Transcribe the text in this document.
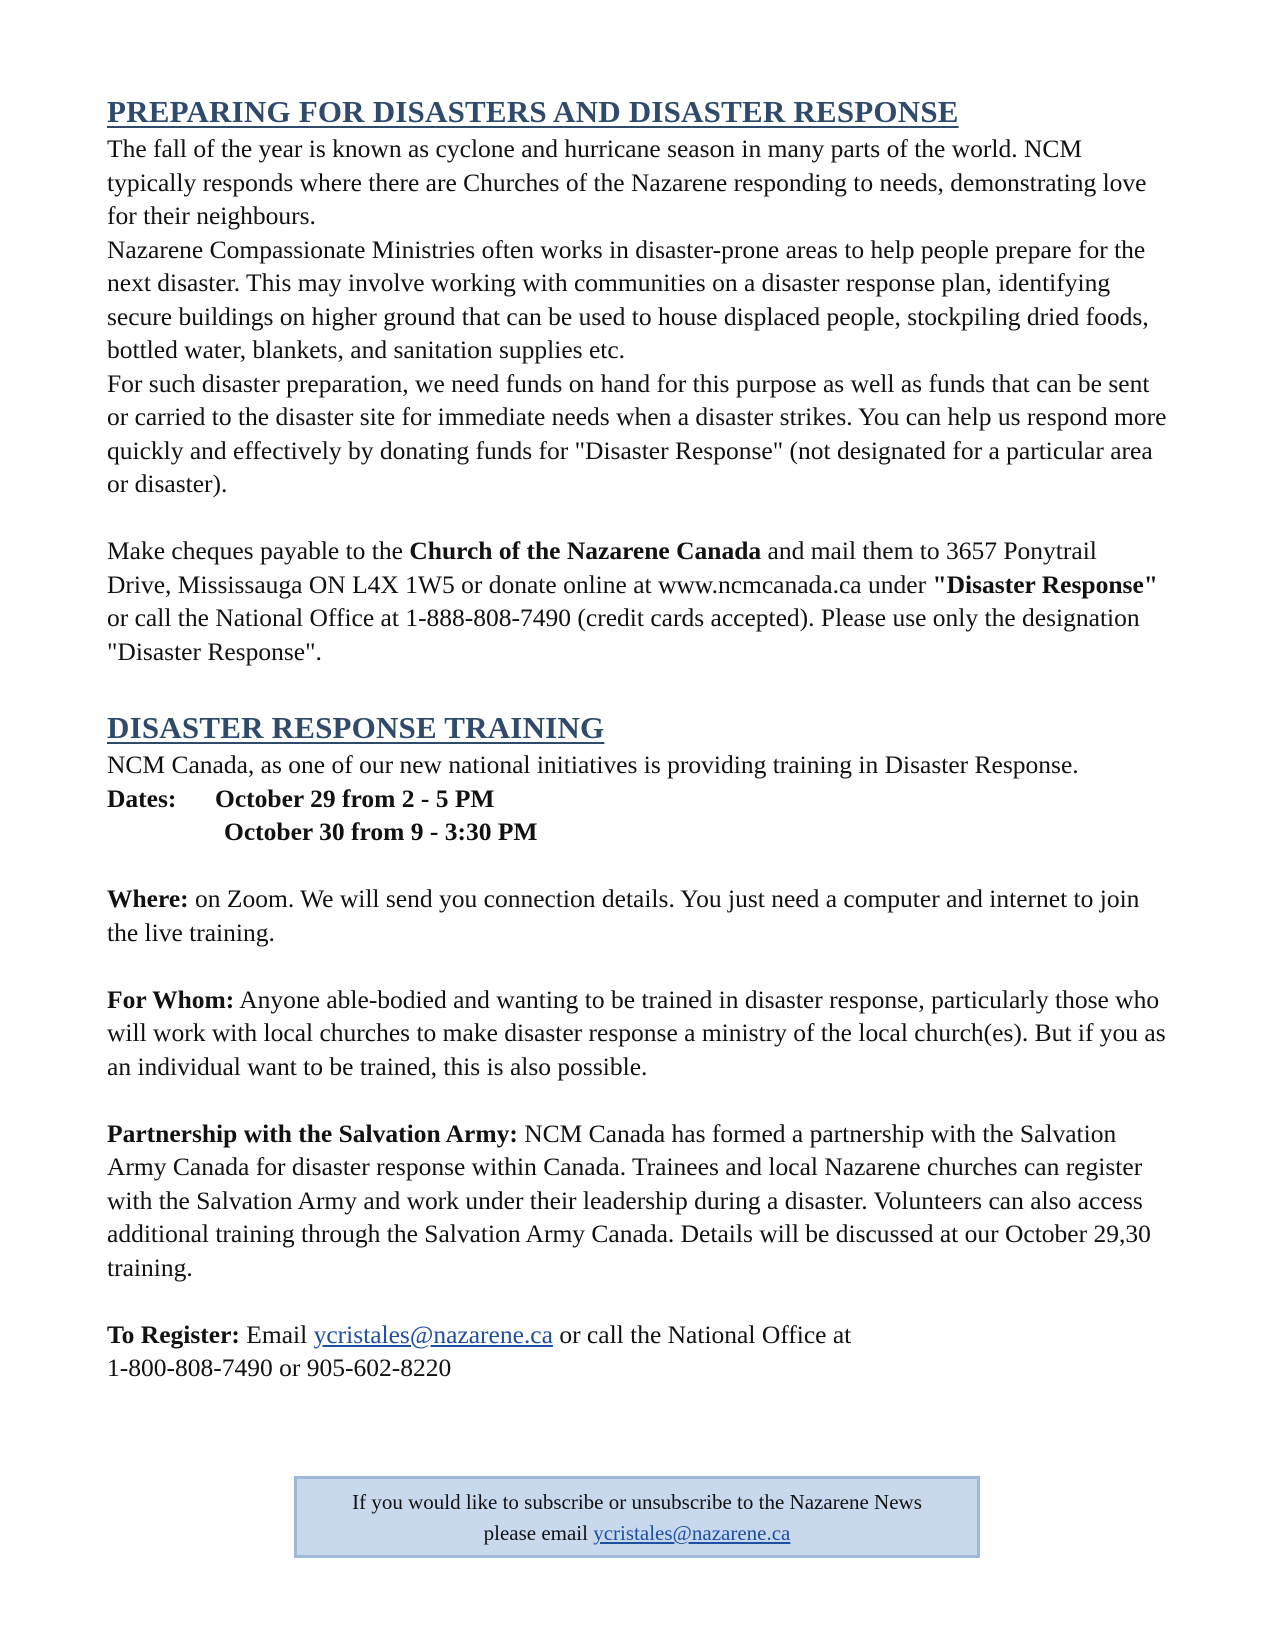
PREPARING FOR DISASTERS AND DISASTER RESPONSE

The fall of the year is known as cyclone and hurricane season in many parts of the world. NCM typically responds where there are Churches of the Nazarene responding to needs, demonstrating love for their neighbours.

Nazarene Compassionate Ministries often works in disaster-prone areas to help people prepare for the next disaster. This may involve working with communities on a disaster response plan, identifying secure buildings on higher ground that can be used to house displaced people, stockpiling dried foods, bottled water, blankets, and sanitation supplies etc.

For such disaster preparation, we need funds on hand for this purpose as well as funds that can be sent or carried to the disaster site for immediate needs when a disaster strikes. You can help us respond more quickly and effectively by donating funds for "Disaster Response" (not designated for a particular area or disaster).

Make cheques payable to the Church of the Nazarene Canada and mail them to 3657 Ponytrail Drive, Mississauga ON L4X 1W5 or donate online at www.ncmcanada.ca under "Disaster Response" or call the National Office at 1-888-808-7490 (credit cards accepted). Please use only the designation "Disaster Response".

DISASTER RESPONSE TRAINING

NCM Canada, as one of our new national initiatives is providing training in Disaster Response.

Dates:	October 29 from 2 - 5 PM
October 30 from 9 - 3:30 PM

Where: on Zoom. We will send you connection details. You just need a computer and internet to join the live training.

For Whom: Anyone able-bodied and wanting to be trained in disaster response, particularly those who will work with local churches to make disaster response a ministry of the local church(es). But if you as an individual want to be trained, this is also possible.

Partnership with the Salvation Army: NCM Canada has formed a partnership with the Salvation Army Canada for disaster response within Canada. Trainees and local Nazarene churches can register with the Salvation Army and work under their leadership during a disaster. Volunteers can also access additional training through the Salvation Army Canada. Details will be discussed at our October 29,30 training.

To Register: Email ycristales@nazarene.ca or call the National Office at

1-800-808-7490 or 905-602-8220

If you would like to subscribe or unsubscribe to the Nazarene News
please email ycristales@nazarene.ca
